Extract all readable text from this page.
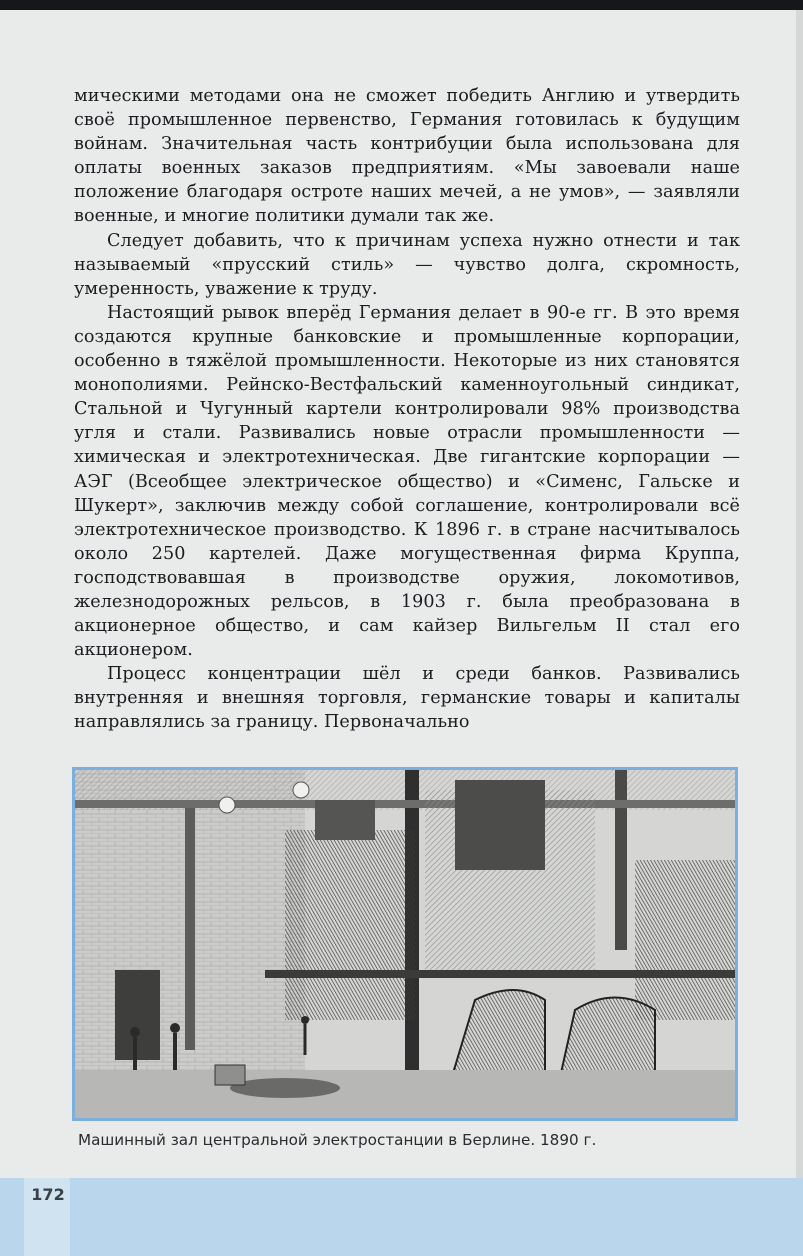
мическими методами она не сможет победить Англию и утвердить своё промышленное первенство, Германия готовилась к будущим войнам. Значительная часть контрибуции была использована для оплаты военных заказов предприятиям. «Мы завоевали наше положение благодаря остроте наших мечей, а не умов», — заявляли военные, и многие политики думали так же.

Следует добавить, что к причинам успеха нужно отнести и так называемый «прусский стиль» — чувство долга, скромность, умеренность, уважение к труду.

Настоящий рывок вперёд Германия делает в 90-е гг. В это время создаются крупные банковские и промышленные корпорации, особенно в тяжёлой промышленности. Некоторые из них становятся монополиями. Рейнско-Вестфальский каменноугольный синдикат, Стальной и Чугунный картели контролировали 98% производства угля и стали. Развивались новые отрасли промышленности — химическая и электротехническая. Две гигантские корпорации — АЭГ (Всеобщее электрическое общество) и «Сименс, Гальске и Шукерт», заключив между собой соглашение, контролировали всё электротехническое производство. К 1896 г. в стране насчитывалось около 250 картелей. Даже могущественная фирма Круппа, господствовавшая в производстве оружия, локомотивов, железнодорожных рельсов, в 1903 г. была преобразована в акционерное общество, и сам кайзер Вильгельм II стал его акционером.

Процесс концентрации шёл и среди банков. Развивались внутренняя и внешняя торговля, германские товары и капиталы направлялись за границу. Первоначально

Машинный зал центральной электростанции в Берлине. 1890 г.
172
